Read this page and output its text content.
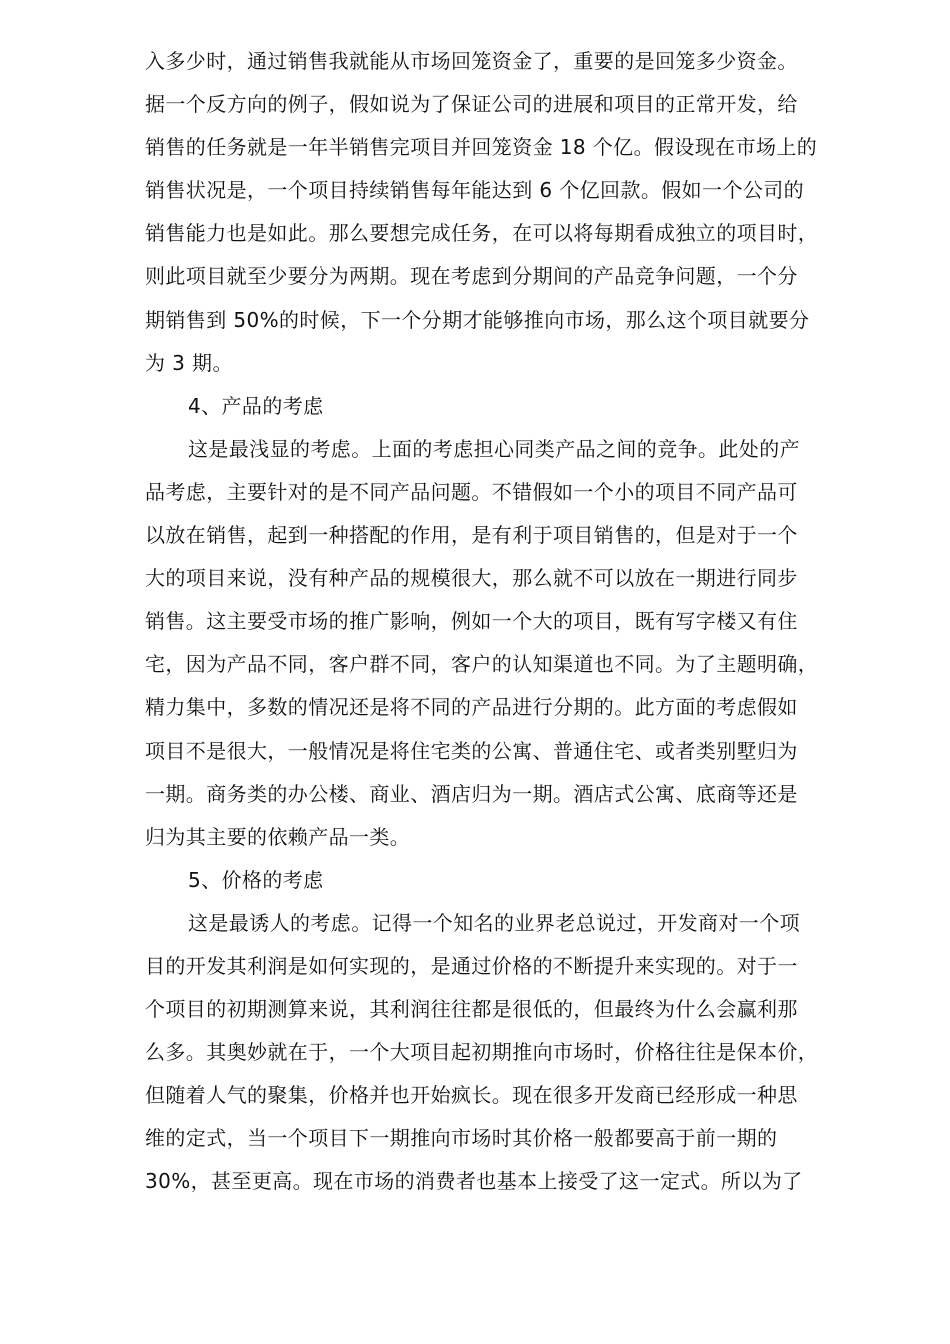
入多少时，通过销售我就能从市场回笼资金了，重要的是回笼多少资金。
据一个反方向的例子，假如说为了保证公司的进展和项目的正常开发，给
销售的任务就是一年半销售完项目并回笼资金 18 个亿。假设现在市场上的
销售状况是，一个项目持续销售每年能达到 6 个亿回款。假如一个公司的
销售能力也是如此。那么要想完成任务，在可以将每期看成独立的项目时，
则此项目就至少要分为两期。现在考虑到分期间的产品竞争问题，一个分
期销售到 50%的时候，下一个分期才能够推向市场，那么这个项目就要分
为 3 期。
4、产品的考虑
这是最浅显的考虑。上面的考虑担心同类产品之间的竞争。此处的产
品考虑，主要针对的是不同产品问题。不错假如一个小的项目不同产品可
以放在销售，起到一种搭配的作用，是有利于项目销售的，但是对于一个
大的项目来说，没有种产品的规模很大，那么就不可以放在一期进行同步
销售。这主要受市场的推广影响，例如一个大的项目，既有写字楼又有住
宅，因为产品不同，客户群不同，客户的认知渠道也不同。为了主题明确，
精力集中，多数的情况还是将不同的产品进行分期的。此方面的考虑假如
项目不是很大，一般情况是将住宅类的公寓、普通住宅、或者类别墅归为
一期。商务类的办公楼、商业、酒店归为一期。酒店式公寓、底商等还是
归为其主要的依赖产品一类。
5、价格的考虑
这是最诱人的考虑。记得一个知名的业界老总说过，开发商对一个项
目的开发其利润是如何实现的，是通过价格的不断提升来实现的。对于一
个项目的初期测算来说，其利润往往都是很低的，但最终为什么会赢利那
么多。其奥妙就在于，一个大项目起初期推向市场时，价格往往是保本价，
但随着人气的聚集，价格并也开始疯长。现在很多开发商已经形成一种思
维的定式，当一个项目下一期推向市场时其价格一般都要高于前一期的
30%，甚至更高。现在市场的消费者也基本上接受了这一定式。所以为了
